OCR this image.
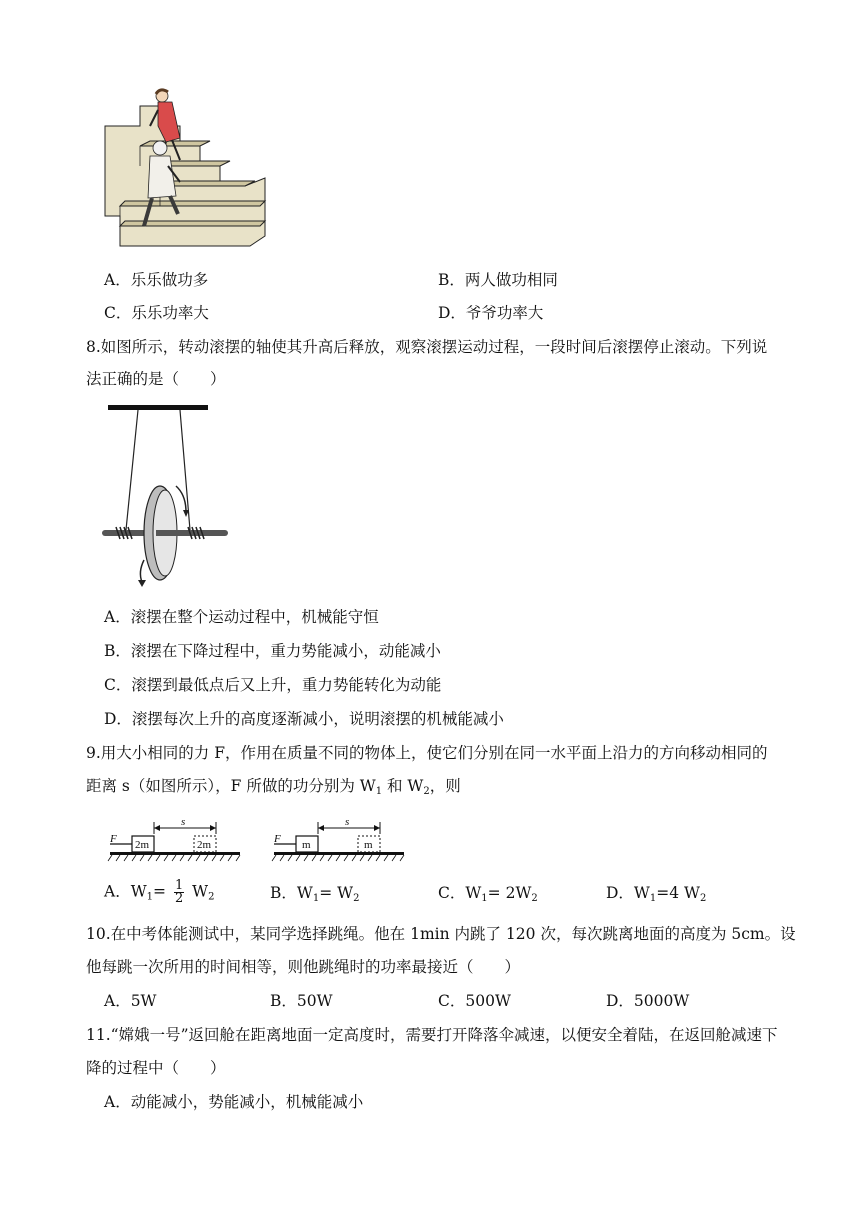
A．乐乐做功多	B．两人做功相同
C．乐乐功率大	D．爷爷功率大
8.如图所示，转动滚摆的轴使其升高后释放，观察滚摆运动过程，一段时间后滚摆停止滚动。下列说
法正确的是（　　）
A．滚摆在整个运动过程中，机械能守恒
B．滚摆在下降过程中，重力势能减小，动能减小
C．滚摆到最低点后又上升，重力势能转化为动能
D．滚摆每次上升的高度逐渐减小，说明滚摆的机械能减小
9.用大小相同的力 F，作用在质量不同的物体上，使它们分别在同一水平面上沿力的方向移动相同的
距离 s（如图所示），F 所做的功分别为 $W_1$ 和 $W_2$，则
F 2m
s
2m	F m
s
m
A．$W_1= \frac{1}{2} W_2$	B．$W_1= W_2$	C．$W_1= 2W_2$	D．$W_1=4$ $W_2$
10.在中考体能测试中，某同学选择跳绳。他在 1min 内跳了 120 次，每次跳离地面的高度为 5cm。设
他每跳一次所用的时间相等，则他跳绳时的功率最接近（　　）
A．5W	B．50W	C．500W	D．5000W
11.“嫦娥一号”返回舱在距离地面一定高度时，需要打开降落伞减速，以便安全着陆，在返回舱减速下
降的过程中（　　）
A．动能减小，势能减小，机械能减小
